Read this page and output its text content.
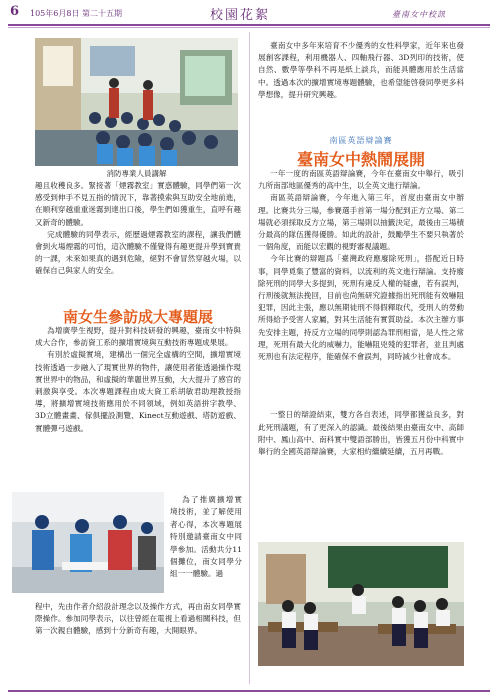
6 105年6月8日 第二十五期	校園花絮	臺南女中校訊
消防專業人員講解

趣且收穫良多。緊接著「煙霧教室」實惑體驗，同學們第一次感受到伸手不見五指的情況下，靠著摸索與互助安全地前進，在順利穿越重重迷霧到達出口後，學生們如獲重生，直呼有趣又新奇的體驗。

完成體驗的同學表示，經歷過煙霧教室的課程，讓我們體會到火場煙霧的可怕，這次體驗不僅覺得有趣更提升學到寶貴的一課，未來如果真的遇到危險，絕對不會冒然穿越火場，以確保自己與家人的安全。

南女生參訪成大專題展

為增廣學生視野，提升對科技研發的興趣，臺南女中特與成大合作，參訪資工系的擴增實境與互動技術專題成果展。

有別於虛擬實境，建構出一個完全虛構的空間，擴增實境技術透過一步融入了現實世界的物件，讓使用者能透過操作現實世界中的物品，和虛擬的華麗世界互動，大大提升了感官的刺激與享受。本次專題課程由成大資工系胡敏君助理教授指導，將擴增實境技術應用於不同領域，例如英語拼字教學、3D立體畫畫、傢俱擺設測覽、Kinect互動遊戲、塔防遊戲、實體彈弓遊戲。

為了推廣擴增實境技術，並了解使用者心得，本次專題展特別邀請臺南女中同學參加。活動共分11個攤位，南女同學分組一一體驗。過

程中，先由作者介紹設計理念以及操作方式，再由南女同學實際操作。參加同學表示，以往曾經在電視上看過相關科技，但第一次親自體驗，感到十分新奇有趣，大開眼界。

臺南女中多年來培育不少優秀的女性科學家，近年來也發展創客課程，利用機器人、四軸飛行器、3D列印的技術，使自然、數學等學科不再是紙上談兵，而能具體應用於生活當中。透過本次的擴增實境專題體驗，也希望能啓發同學更多科學想像，提升研究興趣。

南區英語辯論賽
臺南女中熱鬧展開

一年一度的南區英語辯論賽，今年在臺南女中舉行，吸引九所南部地區優秀的高中生，以全英文進行辯論。

南區英語辯論賽，今年進入第三年，首度由臺南女中辦理。比賽共分三場，參賽選手首第一場分配到正方立場、第二場就必須採取反方立場，第三場則以抽籤決定，最後由三場積分最高的隊伍獲得優勝。如此的設計，鼓勵學生不要只執著於一個角度，而能以宏觀的視野審視議題。

今年比賽的辯題爲「臺灣政府應廢除死刑」，搭配近日時事，同學覓集了豐富的資料，以流利的英文進行辯論。支持廢除死刑的同學大多提到，死刑有違反人權的疑慮，若有誤判，行刑後就無法挽回，目前也尚無研究證據指出死刑能有效嚇阻犯罪，因此主張，應以無期徒刑不得假釋取代，受刑人的勞動所得給予受害人家屬，對其生活能有實質助益。本次主辦方事先安排主題，持反方立場的同學則認為罪刑相當，是人性之常理，死刑有最大化的威嚇力，能嚇阻兇殘的犯罪者，並且判處死刑也有法定程序，能確保不會誤判，同時減少社會成本。

一整日的辯證結束，雙方各自表述，同學都獲益良多，對此死刑議題，有了更深入的認識。最後結果由臺南女中、高師附中、鳳山高中、南科實中雙語部勝出，皆獲五月份中科實中舉行的全國英語辯論賽，大家相約繼續延續，五月再戰。
